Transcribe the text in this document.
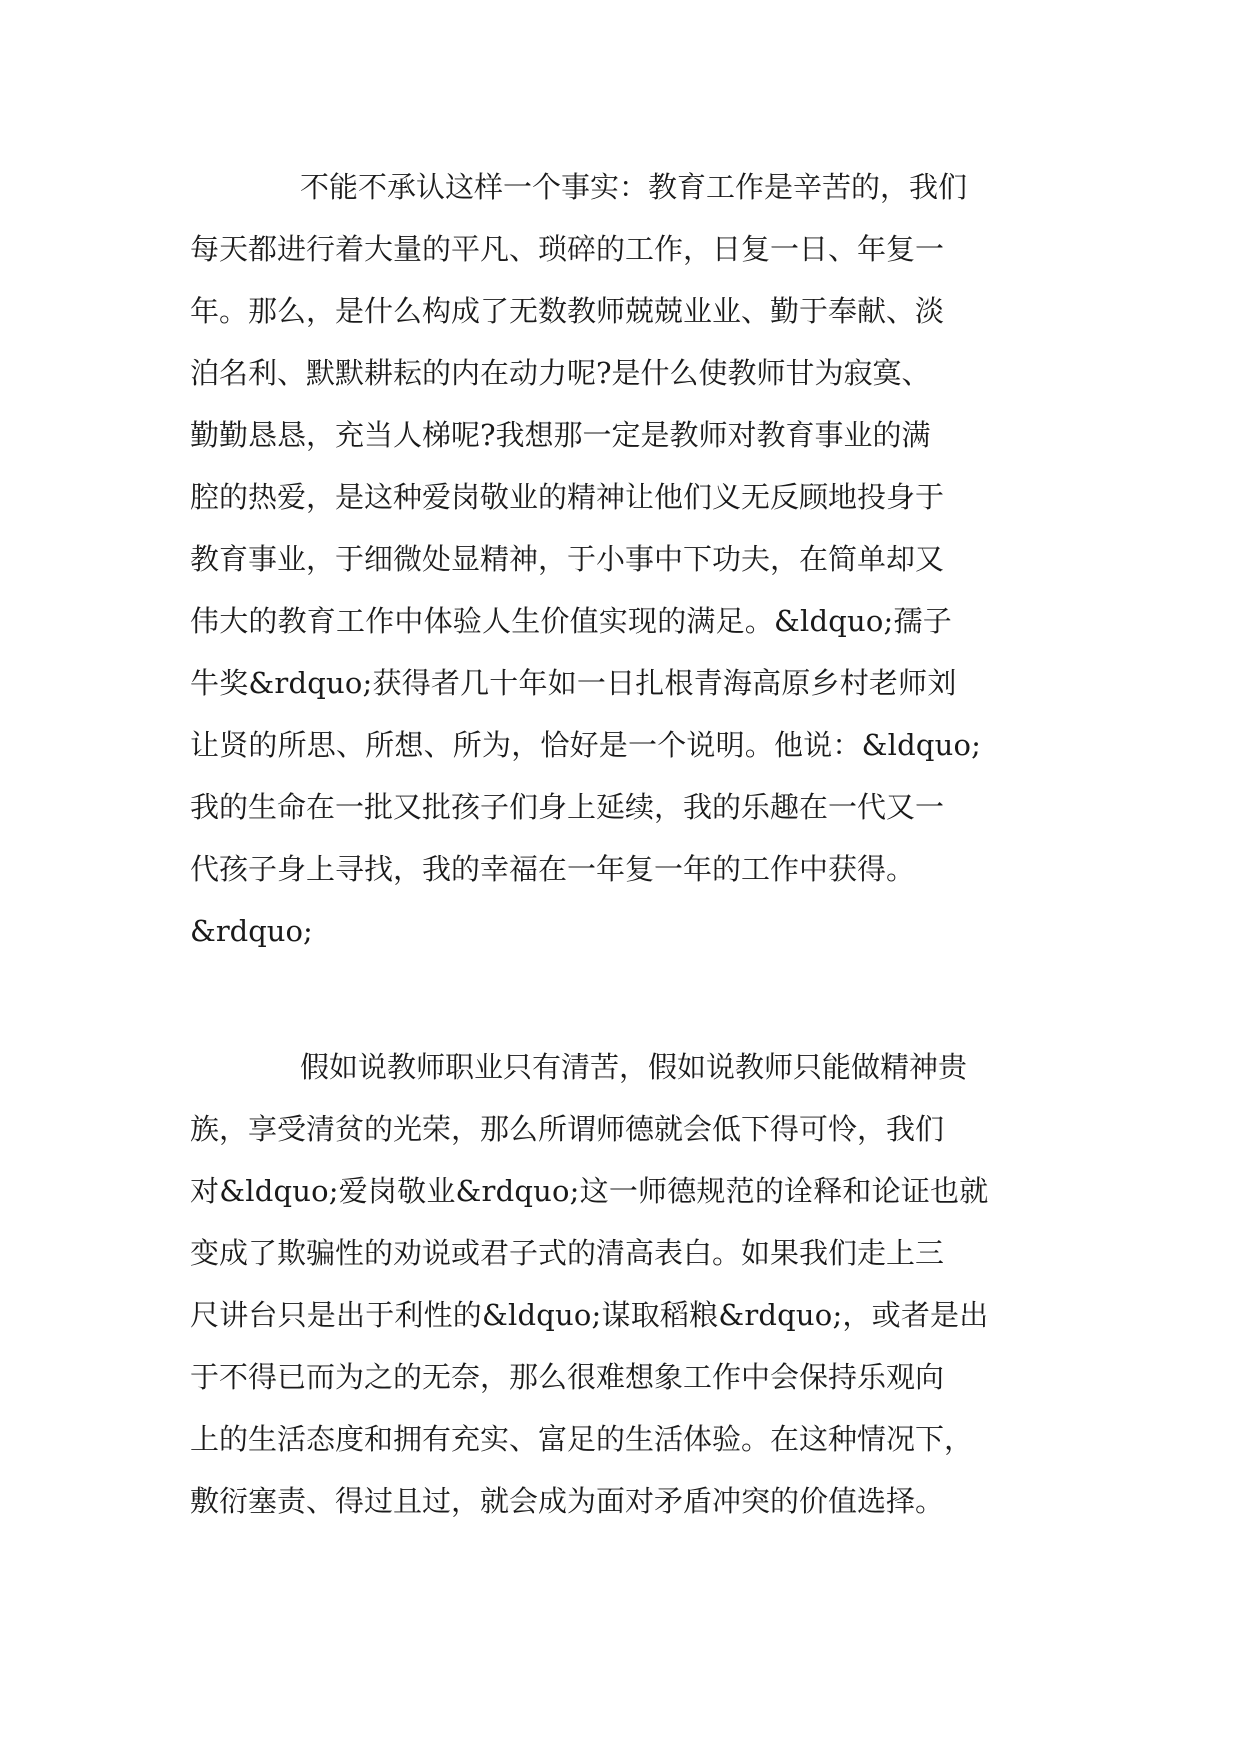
不能不承认这样一个事实：教育工作是辛苦的，我们
每天都进行着大量的平凡、琐碎的工作，日复一日、年复一
年。那么，是什么构成了无数教师兢兢业业、勤于奉献、淡
泊名利、默默耕耘的内在动力呢?是什么使教师甘为寂寞、
勤勤恳恳，充当人梯呢?我想那一定是教师对教育事业的满
腔的热爱，是这种爱岗敬业的精神让他们义无反顾地投身于
教育事业，于细微处显精神，于小事中下功夫，在简单却又
伟大的教育工作中体验人生价值实现的满足。&ldquo;孺子
牛奖&rdquo;获得者几十年如一日扎根青海高原乡村老师刘
让贤的所思、所想、所为，恰好是一个说明。他说：&ldquo;
我的生命在一批又批孩子们身上延续，我的乐趣在一代又一
代孩子身上寻找，我的幸福在一年复一年的工作中获得。
&rdquo;
假如说教师职业只有清苦，假如说教师只能做精神贵
族，享受清贫的光荣，那么所谓师德就会低下得可怜，我们
对&ldquo;爱岗敬业&rdquo;这一师德规范的诠释和论证也就
变成了欺骗性的劝说或君子式的清高表白。如果我们走上三
尺讲台只是出于利性的&ldquo;谋取稻粮&rdquo;，或者是出
于不得已而为之的无奈，那么很难想象工作中会保持乐观向
上的生活态度和拥有充实、富足的生活体验。在这种情况下，
敷衍塞责、得过且过，就会成为面对矛盾冲突的价值选择。
